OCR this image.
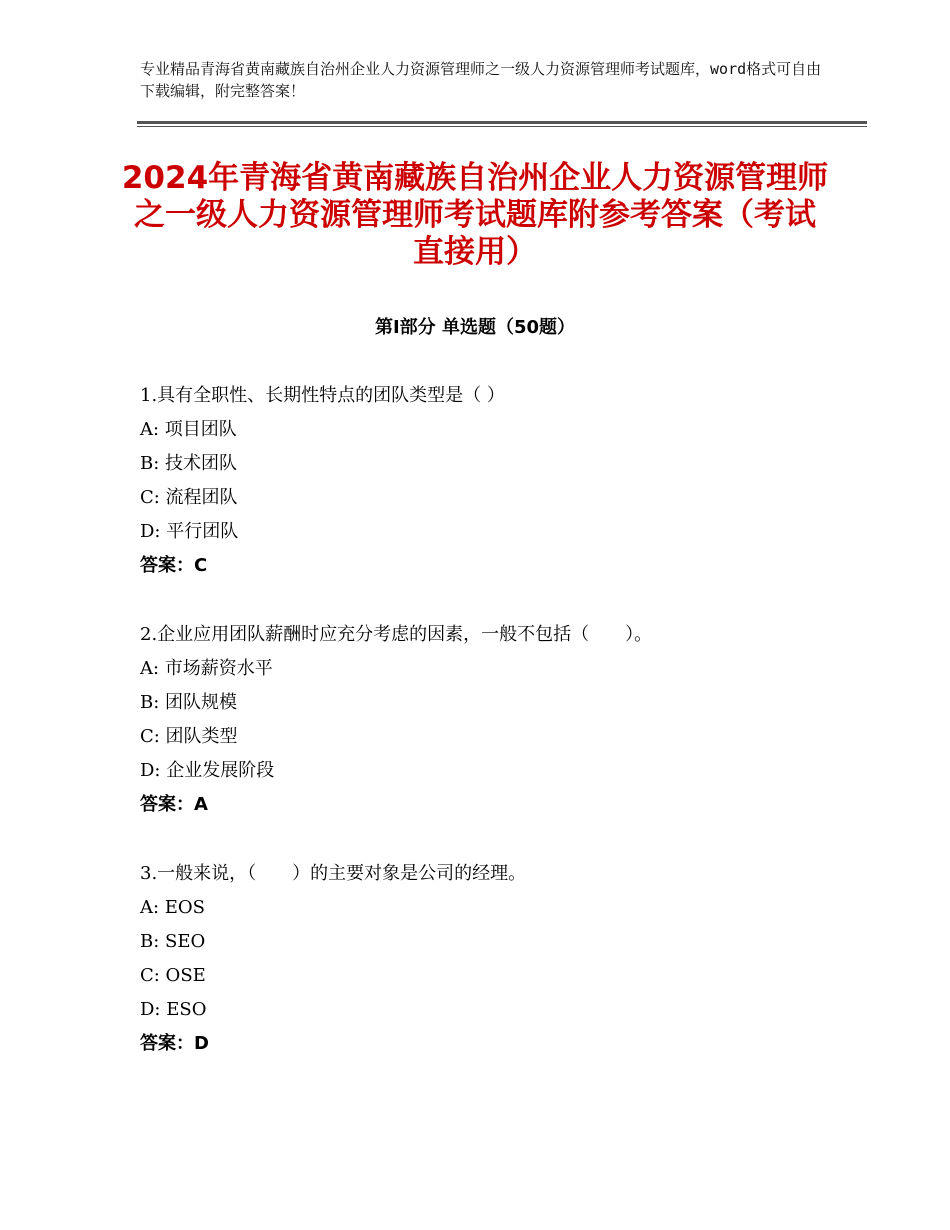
专业精品青海省黄南藏族自治州企业人力资源管理师之一级人力资源管理师考试题库，word格式可自由下载编辑，附完整答案！
2024年青海省黄南藏族自治州企业人力资源管理师之一级人力资源管理师考试题库附参考答案（考试直接用）
第Ⅰ部分 单选题（50题）
1.具有全职性、长期性特点的团队类型是（ ）
A: 项目团队
B: 技术团队
C: 流程团队
D: 平行团队
答案：C
2.企业应用团队薪酬时应充分考虑的因素，一般不包括（　　）。
A: 市场薪资水平
B: 团队规模
C: 团队类型
D: 企业发展阶段
答案：A
3.一般来说，（　　）的主要对象是公司的经理。
A: EOS
B: SEO
C: OSE
D: ESO
答案：D
